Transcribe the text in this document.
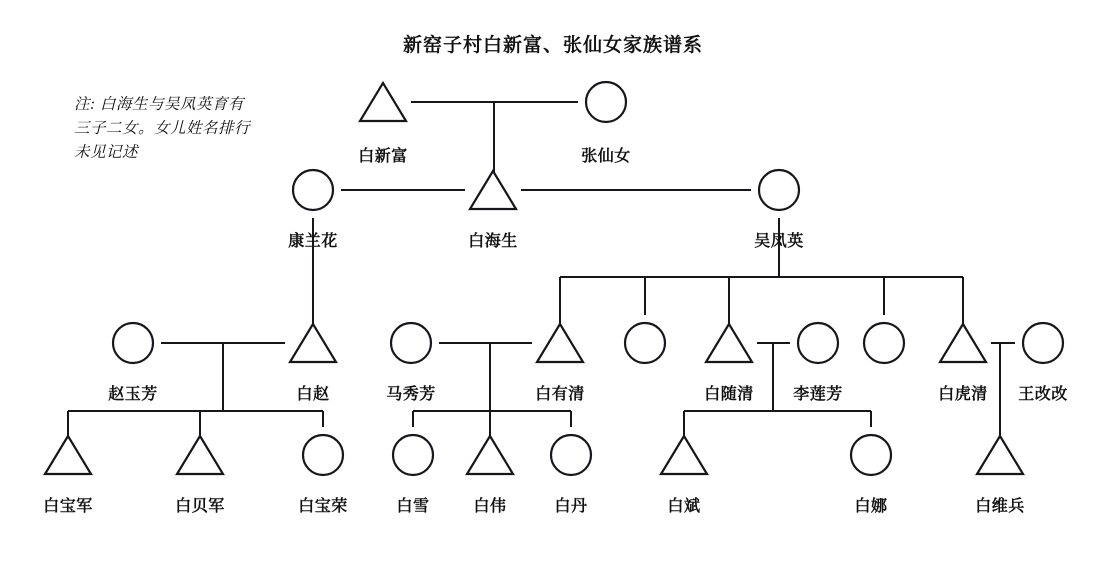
新窑子村白新富、张仙女家族谱系
注: 白海生与吴凤英育有三子二女。女儿姓名排行未见记述	白新富	张仙女
康兰花	白海生	吴凤英
赵玉芳	白赵	马秀芳	白有清	白随清 李莲芳	白虎清 王改改
白宝军	白贝军	白宝荣	白雪	白伟	白丹	白斌	白娜	白维兵
